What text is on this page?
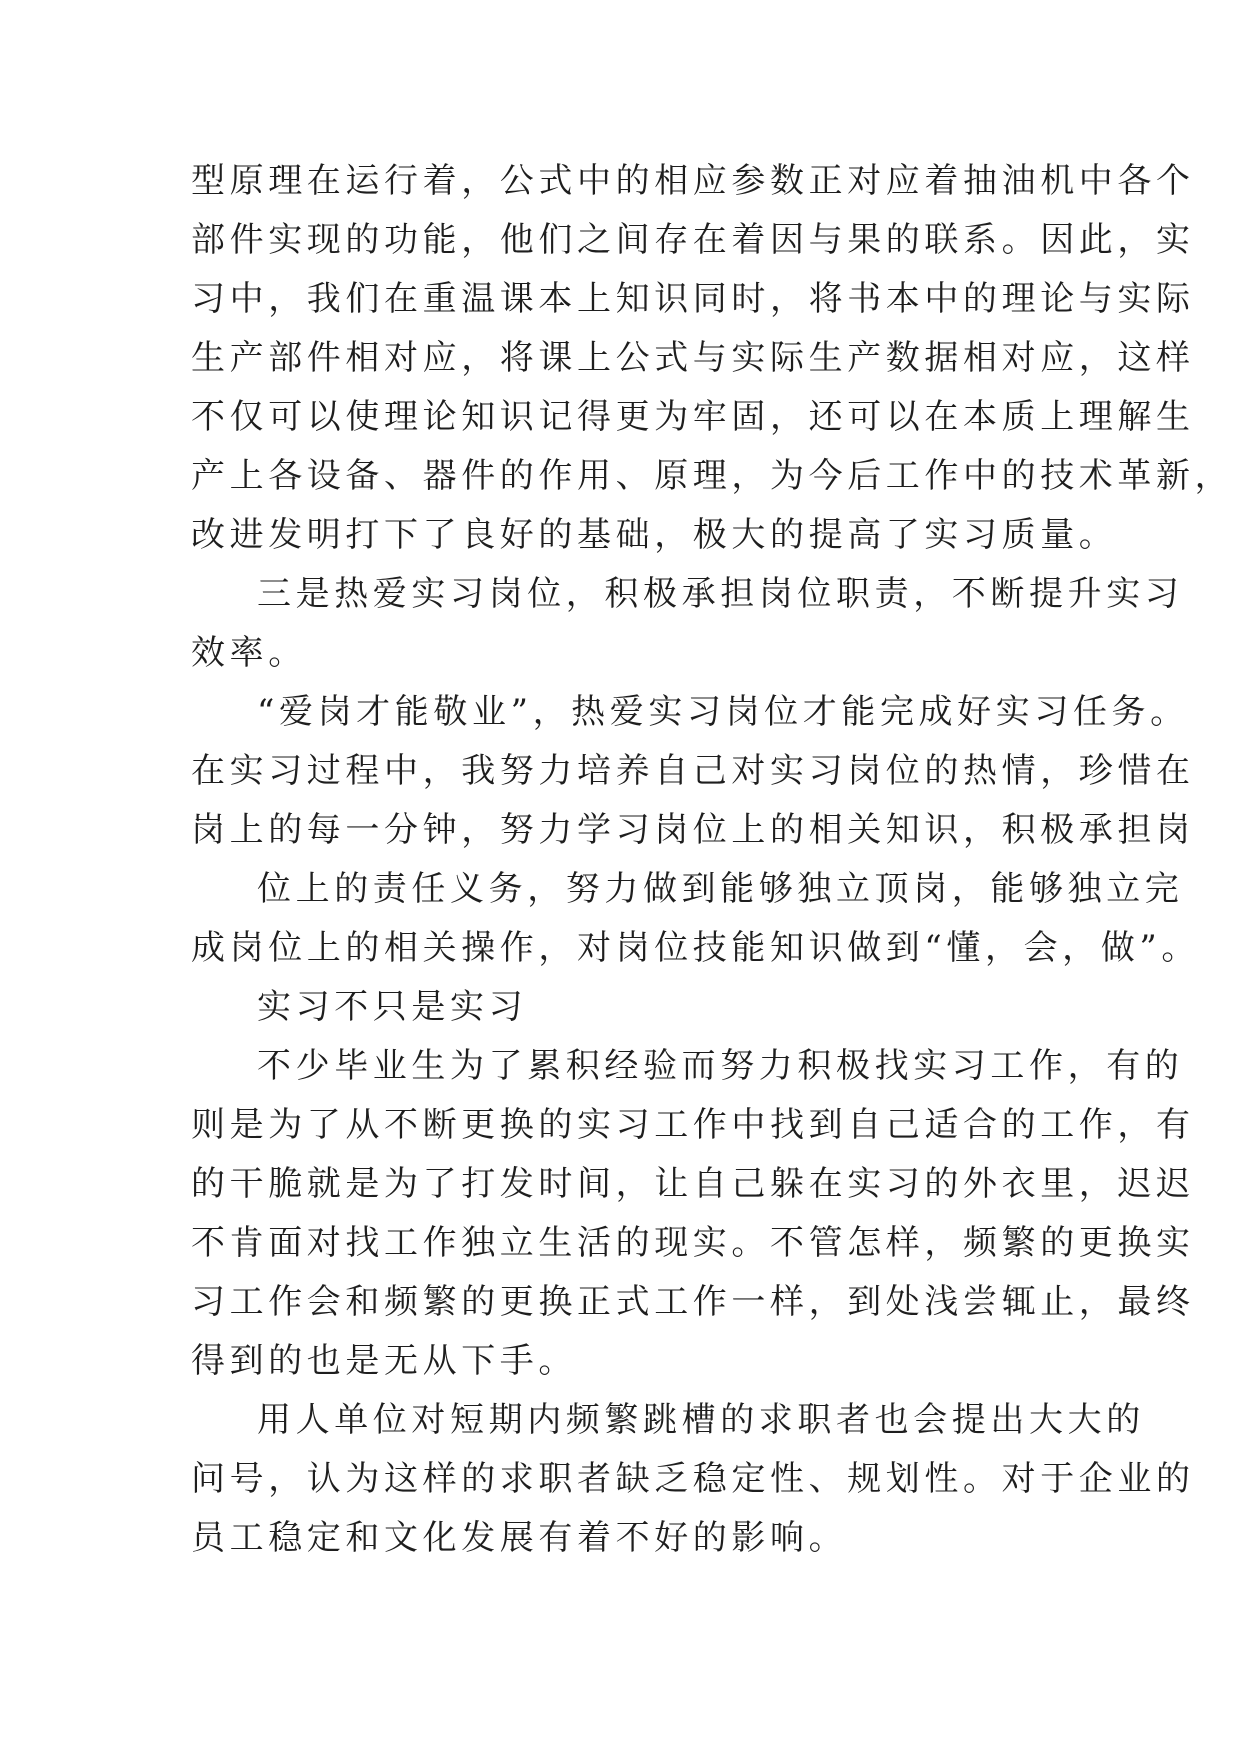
型原理在运行着，公式中的相应参数正对应着抽油机中各个
部件实现的功能，他们之间存在着因与果的联系。因此，实
习中，我们在重温课本上知识同时，将书本中的理论与实际
生产部件相对应，将课上公式与实际生产数据相对应，这样
不仅可以使理论知识记得更为牢固，还可以在本质上理解生
产上各设备、器件的作用、原理，为今后工作中的技术革新，
改进发明打下了良好的基础，极大的提高了实习质量。
三是热爱实习岗位，积极承担岗位职责，不断提升实习
效率。
“爱岗才能敬业”，热爱实习岗位才能完成好实习任务。
在实习过程中，我努力培养自己对实习岗位的热情，珍惜在
岗上的每一分钟，努力学习岗位上的相关知识，积极承担岗
位上的责任义务，努力做到能够独立顶岗，能够独立完
成岗位上的相关操作，对岗位技能知识做到“懂，会，做”。
实习不只是实习
不少毕业生为了累积经验而努力积极找实习工作，有的
则是为了从不断更换的实习工作中找到自己适合的工作，有
的干脆就是为了打发时间，让自己躲在实习的外衣里，迟迟
不肯面对找工作独立生活的现实。不管怎样，频繁的更换实
习工作会和频繁的更换正式工作一样，到处浅尝辄止，最终
得到的也是无从下手。
用人单位对短期内频繁跳槽的求职者也会提出大大的
问号，认为这样的求职者缺乏稳定性、规划性。对于企业的
员工稳定和文化发展有着不好的影响。
